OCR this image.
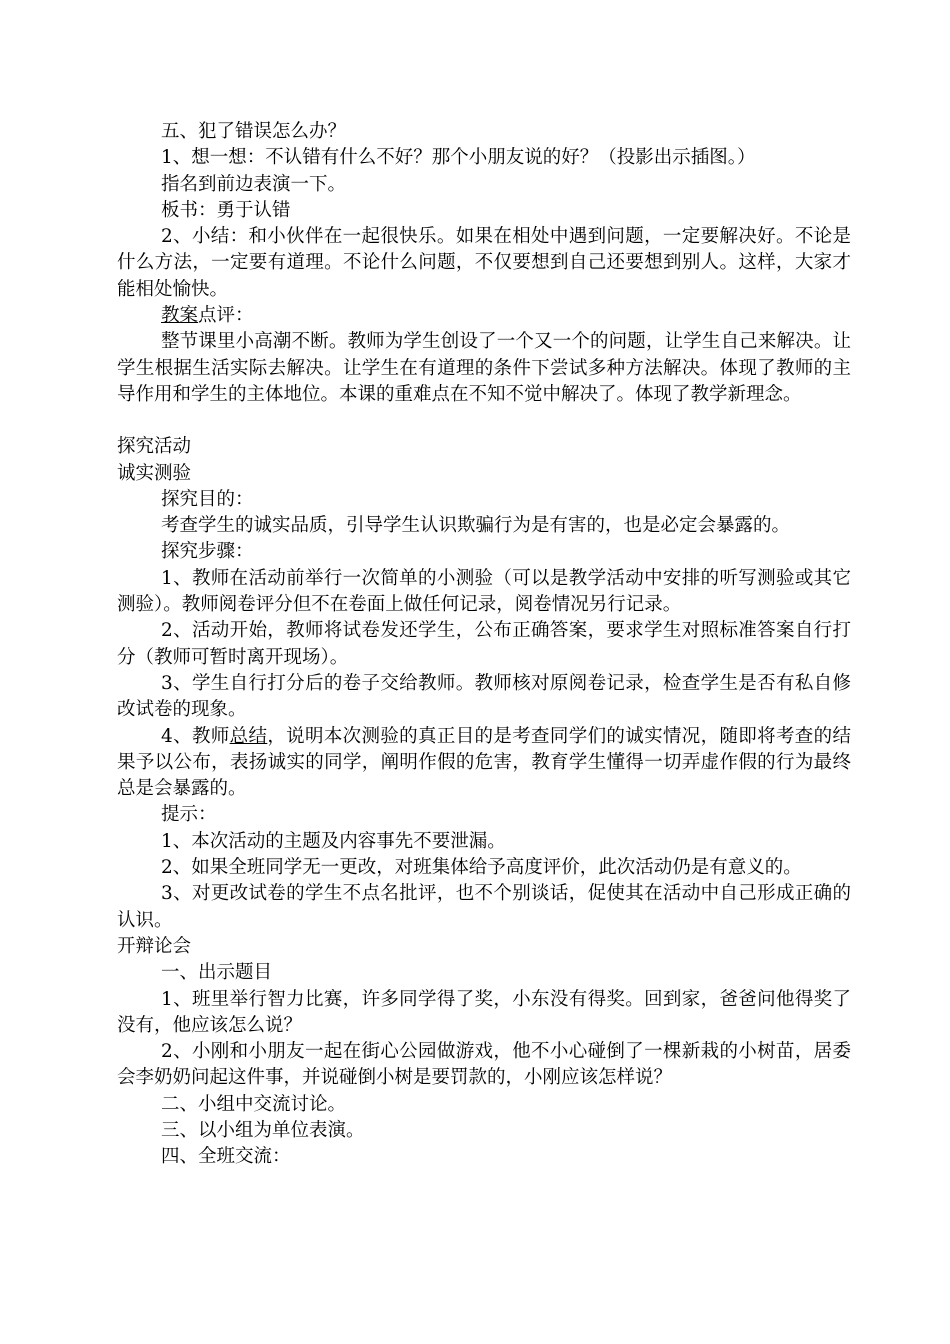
五、犯了错误怎么办？

1、想一想：不认错有什么不好？那个小朋友说的好？（投影出示插图。）

指名到前边表演一下。

板书：勇于认错

2、小结：和小伙伴在一起很快乐。如果在相处中遇到问题，一定要解决好。不论是什么方法，一定要有道理。不论什么问题，不仅要想到自己还要想到别人。这样，大家才能相处愉快。

教案点评：

整节课里小高潮不断。教师为学生创设了一个又一个的问题，让学生自己来解决。让学生根据生活实际去解决。让学生在有道理的条件下尝试多种方法解决。体现了教师的主导作用和学生的主体地位。本课的重难点在不知不觉中解决了。体现了教学新理念。

探究活动

诚实测验

探究目的：

考查学生的诚实品质，引导学生认识欺骗行为是有害的，也是必定会暴露的。

探究步骤：

1、教师在活动前举行一次简单的小测验（可以是教学活动中安排的听写测验或其它测验）。教师阅卷评分但不在卷面上做任何记录，阅卷情况另行记录。

2、活动开始，教师将试卷发还学生，公布正确答案，要求学生对照标准答案自行打分（教师可暂时离开现场）。

3、学生自行打分后的卷子交给教师。教师核对原阅卷记录，检查学生是否有私自修改试卷的现象。

4、教师总结，说明本次测验的真正目的是考查同学们的诚实情况，随即将考查的结果予以公布，表扬诚实的同学，阐明作假的危害，教育学生懂得一切弄虚作假的行为最终总是会暴露的。

提示：

1、本次活动的主题及内容事先不要泄漏。

2、如果全班同学无一更改，对班集体给予高度评价，此次活动仍是有意义的。

3、对更改试卷的学生不点名批评，也不个别谈话，促使其在活动中自己形成正确的认识。

开辩论会

一、出示题目

1、班里举行智力比赛，许多同学得了奖，小东没有得奖。回到家，爸爸问他得奖了没有，他应该怎么说？

2、小刚和小朋友一起在街心公园做游戏，他不小心碰倒了一棵新栽的小树苗，居委会李奶奶问起这件事，并说碰倒小树是要罚款的，小刚应该怎样说？

二、小组中交流讨论。

三、以小组为单位表演。

四、全班交流：
